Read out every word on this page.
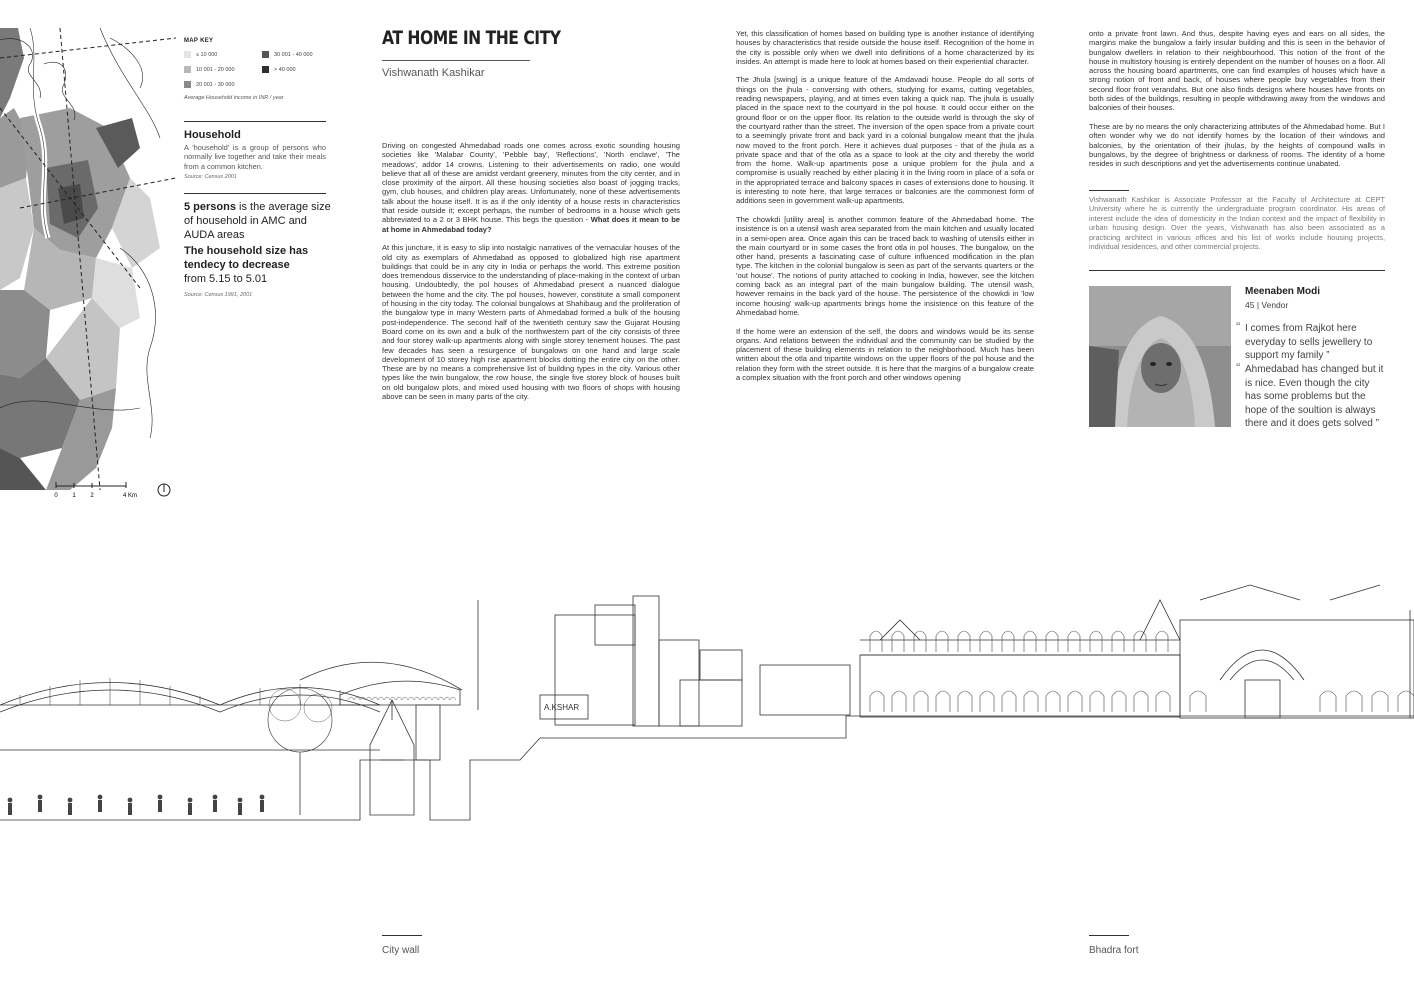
0 1 2	4 Km
MAP KEY
≤ 10 000
10 001 - 20 000
20 001 - 30 000
30 001 - 40 000
> 40 000
Average Household income in INR / year
Household
A 'household' is a group of persons who normally live together and take their meals from a common kitchen.
Source: Census 2001
5 persons is the average size of household in AMC and AUDA areas
The household size has tendecy to decrease
from 5.15 to 5.01
Source: Census 1991, 2001
AT HOME IN THE CITY
Vishwanath Kashikar

Driving on congested Ahmedabad roads one comes across exotic sounding housing societies like 'Malabar County', 'Pebble bay', 'Reflections', 'North enclave', 'The meadows', addor 14 crowns. Listening to their advertisements on radio, one would believe that all of these are amidst verdant greenery, minutes from the city center, and in close proximity of the airport. All these housing societies also boast of jogging tracks, gym, club houses, and children play areas. Unfortunately, none of these advertisements talk about the house itself. It is as if the only identity of a house rests in characteristics that reside outside it; except perhaps, the number of bedrooms in a house which gets abbreviated to a 2 or 3 BHK house. This begs the question - What does it mean to be at home in Ahmedabad today?

At this juncture, it is easy to slip into nostalgic narratives of the vernacular houses of the old city as exemplars of Ahmedabad as opposed to globalized high rise apartment buildings that could be in any city in India or perhaps the world. This extreme position does tremendous disservice to the understanding of place-making in the context of urban housing. Undoubtedly, the pol houses of Ahmedabad present a nuanced dialogue between the home and the city. The pol houses, however, constitute a small component of housing in the city today. The colonial bungalows at Shahibaug and the proliferation of the bungalow type in many Western parts of Ahmedabad formed a bulk of the housing post-independence. The second half of the twentieth century saw the Gujarat Housing Board come on its own and a bulk of the northwestern part of the city consists of three and four storey walk-up apartments along with single storey tenement houses. The past few decades has seen a resurgence of bungalows on one hand and large scale development of 10 storey high rise apartment blocks dotting the entire city on the other. These are by no means a comprehensive list of building types in the city. Various other types like the twin bungalow, the row house, the single five storey block of houses built on old bungalow plots, and mixed used housing with two floors of shops with housing above can be seen in many parts of the city.

Yet, this classification of homes based on building type is another instance of identifying houses by characteristics that reside outside the house itself. Recognition of the home in the city is possible only when we dwell into definitions of a home characterized by its insides. An attempt is made here to look at homes based on their experiential character.

The Jhula [swing] is a unique feature of the Amdavadi house. People do all sorts of things on the jhula - conversing with others, studying for exams, cutting vegetables, reading newspapers, playing, and at times even taking a quick nap. The jhula is usually placed in the space next to the courtyard in the pol house. It could occur either on the ground floor or on the upper floor. Its relation to the outside world is through the sky of the courtyard rather than the street. The inversion of the open space from a private court to a seemingly private front and back yard in a colonial bungalow meant that the jhula now moved to the front porch. Here it achieves dual purposes - that of the jhula as a private space and that of the otla as a space to look at the city and thereby the world from the home. Walk-up apartments pose a unique problem for the jhula and a compromise is usually reached by either placing it in the living room in place of a sofa or in the appropriated terrace and balcony spaces in cases of extensions done to housing. It is interesting to note here, that large terraces or balconies are the commonest form of additions seen in government walk-up apartments.

The chowkdi [utility area] is another common feature of the Ahmedabad home. The insistence is on a utensil wash area separated from the main kitchen and usually located in a semi-open area. Once again this can be traced back to washing of utensils either in the main courtyard or in some cases the front otla in pol houses. The bungalow, on the other hand, presents a fascinating case of culture influenced modification in the plan type. The kitchen in the colonial bungalow is seen as part of the servants quarters or the 'out house'. The notions of purity attached to cooking in India, however, see the kitchen coming back as an integral part of the main bungalow building. The utensil wash, however remains in the back yard of the house. The persistence of the chowkdi in 'low income housing' walk-up apartments brings home the insistence on this feature of the Ahmedabad home.

If the home were an extension of the self, the doors and windows would be its sense organs. And relations between the individual and the community can be studied by the placement of these building elements in relation to the neighborhood. Much has been written about the otla and tripartite windows on the upper floors of the pol house and the relation they form with the street outside. It is here that the margins of a bungalow create a complex situation with the front porch and other windows opening

onto a private front lawn. And thus, despite having eyes and ears on all sides, the margins make the bungalow a fairly insular building and this is seen in the behavior of bungalow dwellers in relation to their neighbourhood. This notion of the front of the house in multistory housing is entirely dependent on the number of houses on a floor. All across the housing board apartments, one can find examples of houses which have a strong notion of front and back, of houses where people buy vegetables from their second floor front verandahs. But one also finds designs where houses have fronts on both sides of the buildings, resulting in people withdrawing away from the windows and balconies of their houses.

These are by no means the only characterizing attributes of the Ahmedabad home. But I often wonder why we do not identify homes by the location of their windows and balconies, by the orientation of their jhulas, by the heights of compound walls in bungalows, by the degree of brightness or darkness of rooms. The identity of a home resides in such descriptions and yet the advertisements continue unabated.

Vishwanath Kashikar is Associate Professor at the Faculty of Architecture at CEPT University where he is currently the undergraduate program coordinator. His areas of interest include the idea of domesticity in the Indian context and the impact of flexibility in urban housing design. Over the years, Vishwanath has also been associated as a practicing architect in various offices and his list of works include housing projects, individual residences, and other commercial projects.
Meenaben Modi
45 | Vendor
“ I comes from Rajkot here everyday to sells jewellery to support my family ”
“ Ahmedabad has changed but it is nice. Even though the city has some problems but the hope of the soultion is always there and it does gets solved ”
A.KSHAR
City wall	Bhadra fort
